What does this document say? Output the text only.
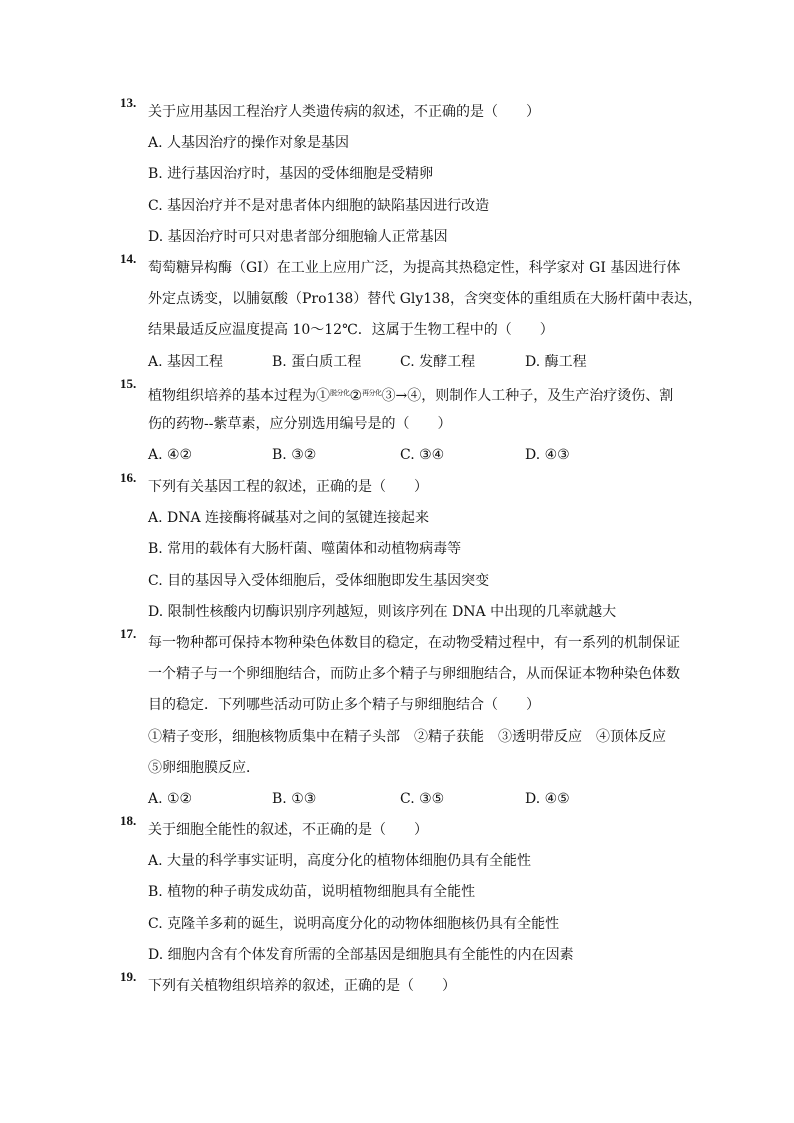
13.
关于应用基因工程治疗人类遗传病的叙述，不正确的是（　　）
A. 人基因治疗的操作对象是基因
B. 进行基因治疗时，基因的受体细胞是受精卵
C. 基因治疗并不是对患者体内细胞的缺陷基因进行改造
D. 基因治疗时可只对患者部分细胞输人正常基因
14.
萄萄糖异构酶（GI）在工业上应用广泛，为提高其热稳定性，科学家对 GI 基因进行体
外定点诱变，以脯氨酸（Pro138）替代 Gly138，含突变体的重组质在大肠杆菌中表达，
结果最适反应温度提高 10～12℃．这属于生物工程中的（　　）
A. 基因工程	B. 蛋白质工程	C. 发酵工程	D. 酶工程
15.
植物组织培养的基本过程为①$^{脱分化}$②$^{再分化}$③→④，则制作人工种子，及生产治疗烫伤、割
伤的药物--紫草素，应分别选用编号是的（　　）
A. ④②	B. ③②	C. ③④	D. ④③
16.
下列有关基因工程的叙述，正确的是（　　）
A. DNA 连接酶将碱基对之间的氢键连接起来
B. 常用的载体有大肠杆菌、噬菌体和动植物病毒等
C. 目的基因导入受体细胞后，受体细胞即发生基因突变
D. 限制性核酸内切酶识别序列越短，则该序列在 DNA 中出现的几率就越大
17.
每一物种都可保持本物种染色体数目的稳定，在动物受精过程中，有一系列的机制保证
一个精子与一个卵细胞结合，而防止多个精子与卵细胞结合，从而保证本物种染色体数
目的稳定．下列哪些活动可防止多个精子与卵细胞结合（　　）
①精子变形，细胞核物质集中在精子头部　②精子获能　③透明带反应　④顶体反应
⑤卵细胞膜反应．
A. ①②	B. ①③	C. ③⑤	D. ④⑤
18.
关于细胞全能性的叙述，不正确的是（　　）
A. 大量的科学事实证明，高度分化的植物体细胞仍具有全能性
B. 植物的种子萌发成幼苗，说明植物细胞具有全能性
C. 克隆羊多莉的诞生，说明高度分化的动物体细胞核仍具有全能性
D. 细胞内含有个体发育所需的全部基因是细胞具有全能性的内在因素
19.
下列有关植物组织培养的叙述，正确的是（　　）
